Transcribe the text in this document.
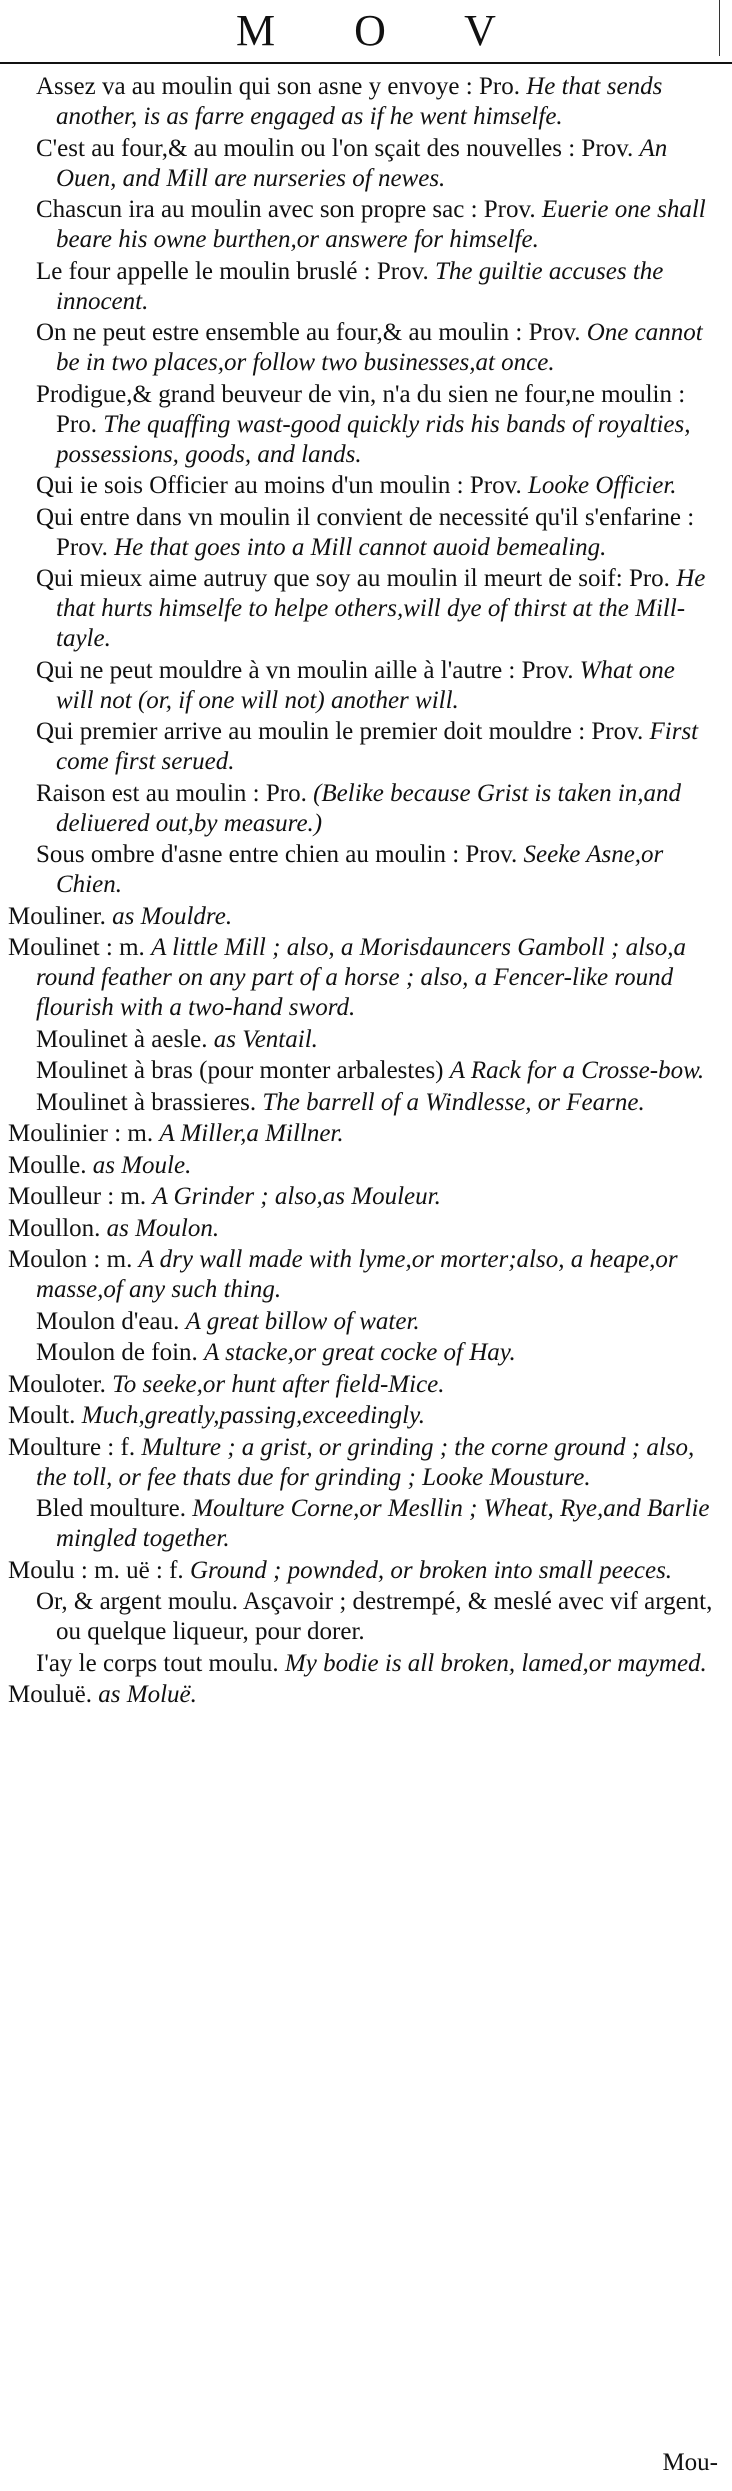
M O V

Assez va au moulin qui son asne y envoye : Pro. He that sends another, is as farre engaged as if he went himselfe.

C'est au four,& au moulin ou l'on sçait des nouvelles : Prov. An Ouen, and Mill are nurseries of newes.

Chascun ira au moulin avec son propre sac : Prov. Euerie one shall beare his owne burthen,or answere for himselfe.

Le four appelle le moulin bruslé : Prov. The guiltie accuses the innocent.

On ne peut estre ensemble au four,& au moulin : Prov. One cannot be in two places,or follow two businesses,at once.

Prodigue,& grand beuveur de vin, n'a du sien ne four,ne moulin : Pro. The quaffing wast-good quickly rids his bands of royalties, possessions, goods, and lands.

Qui ie sois Officier au moins d'un moulin : Prov. Looke Officier.

Qui entre dans vn moulin il convient de necessité qu'il s'enfarine : Prov. He that goes into a Mill cannot auoid bemealing.

Qui mieux aime autruy que soy au moulin il meurt de soif: Pro. He that hurts himselfe to helpe others,will dye of thirst at the Mill-tayle.

Qui ne peut mouldre à vn moulin aille à l'autre : Prov. What one will not (or, if one will not) another will.

Qui premier arrive au moulin le premier doit mouldre : Prov. First come first serued.

Raison est au moulin : Pro. (Belike because Grist is taken in,and deliuered out,by measure.)

Sous ombre d'asne entre chien au moulin : Prov. Seeke Asne,or Chien.

Mouliner. as Mouldre.

Moulinet : m. A little Mill ; also, a Morisdauncers Gamboll ; also,a round feather on any part of a horse ; also, a Fencer-like round flourish with a two-hand sword.

Moulinet à aesle. as Ventail.

Moulinet à bras (pour monter arbalestes) A Rack for a Crosse-bow.

Moulinet à brassieres. The barrell of a Windlesse, or Fearne.

Moulinier : m. A Miller,a Millner.

Moulle. as Moule.

Moulleur : m. A Grinder ; also,as Mouleur.

Moullon. as Moulon.

Moulon : m. A dry wall made with lyme,or morter;also, a heape,or masse,of any such thing.

Moulon d'eau. A great billow of water.

Moulon de foin. A stacke,or great cocke of Hay.

Mouloter. To seeke,or hunt after field-Mice.

Moult. Much,greatly,passing,exceedingly.

Moulture : f. Multure ; a grist, or grinding ; the corne ground ; also, the toll, or fee thats due for grinding ; Looke Mousture.

Bled moulture. Moulture Corne,or Mesllin ; Wheat, Rye,and Barlie mingled together.

Moulu : m. uë : f. Ground ; pownded, or broken into small peeces.

Or, & argent moulu. Asçavoir ; destrempé, & meslé avec vif argent, ou quelque liqueur, pour dorer.

I'ay le corps tout moulu. My bodie is all broken, lamed,or maymed.

Mouluë. as Moluë.

Mou-
